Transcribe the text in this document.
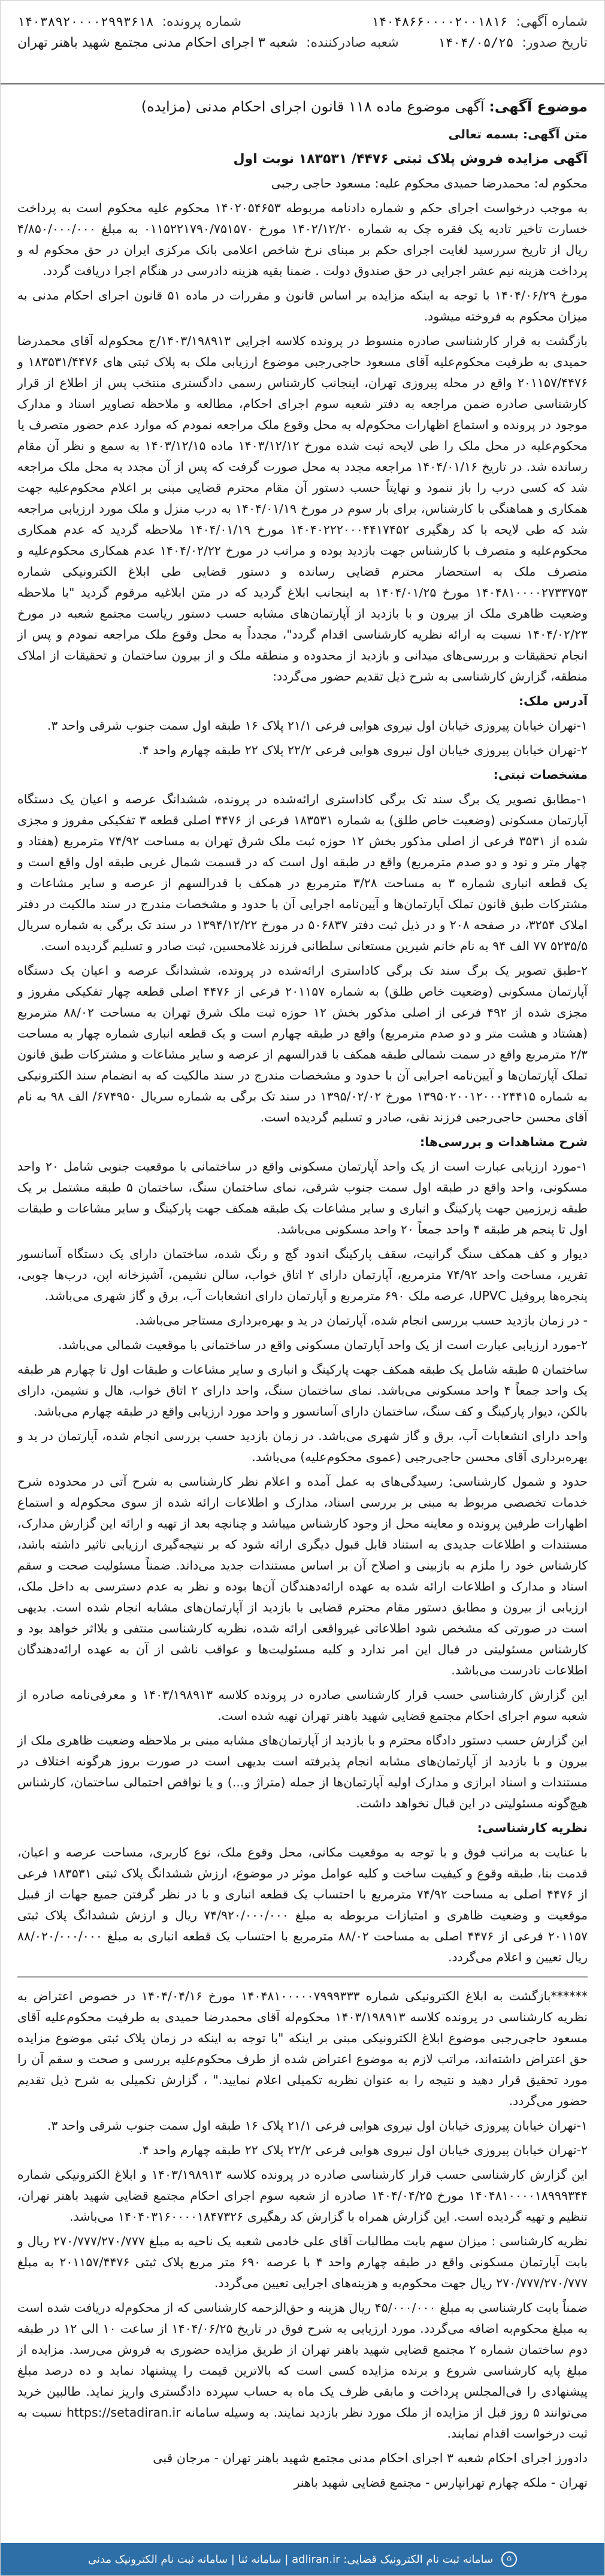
شماره آگهی:
۱۴۰۴۸۶۶۰۰۰۰۲۰۰۱۸۱۶
شماره پرونده:
۱۴۰۳۸۹۲۰۰۰۰۲۹۹۳۶۱۸
تاریخ صدور:
۱۴۰۴/۰۵/۲۵
شعبه صادرکننده:
شعبه ۳ اجرای احکام مدنی مجتمع شهید باهنر تهران
موضوع آگهی: آگهی موضوع ماده ۱۱۸ قانون اجرای احکام مدنی (مزایده)

متن آگهی: بسمه تعالی

آگهی مزایده فروش پلاک ثبتی ۴۴۷۶/ ۱۸۳۵۳۱ نوبت اول

محکوم له: محمدرضا حمیدی محکوم علیه: مسعود حاجی رجبی

به موجب درخواست اجرای حکم و شماره دادنامه مربوطه ۱۴۰۲۰۵۴۶۵۳ محکوم علیه محکوم است به پرداخت خسارت تاخیر تادیه یک فقره چک به شماره ۱۴۰۲/۱۲/۲۰ مورخ ۰۱۱۵۲۲۱۷۹۰/۷۵۱۵۷۰ به مبلغ ۴/۸۵۰/۰۰۰/۰۰۰ ریال از تاریخ سررسید لغایت اجرای حکم بر مبنای نرخ شاخص اعلامی بانک مرکزی ایران در حق محکوم له و پرداخت هزینه نیم عشر اجرایی در حق صندوق دولت . ضمنا بقیه هزینه دادرسی در هنگام اجرا دریافت گردد.

مورخ ۱۴۰۴/۰۶/۲۹ با توجه به اینکه مزایده بر اساس قانون و مقررات در ماده ۵۱ قانون اجرای احکام مدنی به میزان محکوم به فروخته میشود.

بازگشت به قرار کارشناسی صادره منسوط در پرونده کلاسه اجرایی ۱۴۰۳/۱۹۸۹۱۳/ج محکوم‌له آقای محمدرضا حمیدی به طرفیت محکوم‌علیه آقای مسعود حاجی‌رجبی موضوع ارزیابی ملک به پلاک ثبتی های ۱۸۳۵۳۱/۴۴۷۶ و ۲۰۱۱۵۷/۴۴۷۶ واقع در محله پیروزی تهران، اینجانب کارشناس رسمی دادگستری منتخب پس از اطلاع از قرار کارشناسی صادره ضمن مراجعه به دفتر شعبه سوم اجرای احکام، مطالعه و ملاحظه تصاویر اسناد و مدارک موجود در پرونده و استماع اظهارات محکوم‌له به محل وقوع ملک مراجعه نمودم که موارد عدم حضور متصرف یا محکوم‌علیه در محل ملک را طی لایحه ثبت شده مورخ ۱۴۰۳/۱۲/۱۲ ماده ۱۴۰۳/۱۲/۱۵ به سمع و نظر آن مقام رسانده شد. در تاریخ ۱۴۰۴/۰۱/۱۶ مراجعه مجدد به محل صورت گرفت که پس از آن مجدد به محل ملک مراجعه شد که کسی درب را باز ننمود و نهایتاً حسب دستور آن مقام محترم قضایی مبنی بر اعلام محکوم‌علیه جهت همکاری و هماهنگی با کارشناس، برای بار سوم در مورخ ۱۴۰۴/۰۱/۱۹ به درب منزل و ملک مورد ارزیابی مراجعه شد که طی لایحه با کد رهگیری ۱۴۰۴۰۲۲۲۰۰۰۴۴۱۷۴۵۲ مورخ ۱۴۰۴/۰۱/۱۹ ملاحظه گردید که عدم همکاری محکوم‌علیه و متصرف با کارشناس جهت بازدید بوده و مراتب در مورخ ۱۴۰۴/۰۲/۲۲ عدم همکاری محکوم‌علیه و متصرف ملک به استحضار محترم قضایی رسانده و دستور قضایی طی ابلاغ الکترونیکی شماره ۱۴۰۴۸۱۰۰۰۰۲۷۳۳۷۵۳ مورخ ۱۴۰۴/۰۱/۲۵ به اینجانب ابلاغ گردید که در متن ابلاغیه مرقوم گردید "با ملاحظه وضعیت ظاهری ملک از بیرون و با بازدید از آپارتمان‌های مشابه حسب دستور ریاست مجتمع شعبه در مورخ ۱۴۰۴/۰۲/۲۳ نسبت به ارائه نظریه کارشناسی اقدام گردد"، مجدداً به محل وقوع ملک مراجعه نمودم و پس از انجام تحقیقات و بررسی‌های میدانی و بازدید از محدوده و منطقه ملک و از بیرون ساختمان و تحقیقات از املاک منطقه، گزارش کارشناسی به شرح ذیل تقدیم حضور می‌گردد:

آدرس ملک:

۱-تهران خیابان پیروزی خیابان اول نیروی هوایی فرعی ۲۱/۱ پلاک ۱۶ طبقه اول سمت جنوب شرقی واحد ۳.

۲-تهران خیابان پیروزی خیابان اول نیروی هوایی فرعی ۲۲/۲ پلاک ۲۲ طبقه چهارم واحد ۴.

مشخصات ثبتی:

۱-مطابق تصویر یک برگ سند تک برگی کاداستری ارائه‌شده در پرونده، ششدانگ عرصه و اعیان یک دستگاه آپارتمان مسکونی (وضعیت خاص طلق) به شماره ۱۸۳۵۳۱ فرعی از ۴۴۷۶ اصلی قطعه ۳ تفکیکی مفروز و مجزی شده از ۳۵۳۱ فرعی از اصلی مذکور بخش ۱۲ حوزه ثبت ملک شرق تهران به مساحت ۷۴/۹۲ مترمربع (هفتاد و چهار متر و نود و دو صدم مترمربع) واقع در طبقه اول است که در قسمت شمال غربی طبقه اول واقع است و یک قطعه انباری شماره ۳ به مساحت ۳/۲۸ مترمربع در همکف با قدرالسهم از عرصه و سایر مشاعات و مشترکات طبق قانون تملک آپارتمان‌ها و آیین‌نامه اجرایی آن با حدود و مشخصات مندرج در سند مالکیت در دفتر املاک ۳۲۵۴، در صفحه ۲۰۸ و در ذیل ثبت دفتر ۵۰۶۸۳۷ در مورخ ۱۳۹۴/۱۲/۲۲ در سند تک برگی به شماره سریال ۵۲۳۵/۵ ۷۷ الف ۹۴ به نام خانم شیرین مستعانی سلطانی فرزند غلامحسین، ثبت صادر و تسلیم گردیده است.

۲-طبق تصویر یک برگ سند تک برگی کاداستری ارائه‌شده در پرونده، ششدانگ عرصه و اعیان یک دستگاه آپارتمان مسکونی (وضعیت خاص طلق) به شماره ۲۰۱۱۵۷ فرعی از ۴۴۷۶ اصلی قطعه چهار تفکیکی مفروز و مجزی شده از ۴۹۲ فرعی از اصلی مذکور بخش ۱۲ حوزه ثبت ملک شرق تهران به مساحت ۸۸/۰۲ مترمربع (هشتاد و هشت متر و دو صدم مترمربع) واقع در طبقه چهارم است و یک قطعه انباری شماره چهار به مساحت ۲/۳ مترمربع واقع در سمت شمالی طبقه همکف با قدرالسهم از عرصه و سایر مشاعات و مشترکات طبق قانون تملک آپارتمان‌ها و آیین‌نامه اجرایی آن با حدود و مشخصات مندرج در سند مالکیت که به انضمام سند الکترونیکی به شماره ۱۳۹۵۰۲۰۰۱۲۰۰۰۲۴۴۱۵ مورخ ۱۳۹۵/۰۲/۰۲ در سند تک برگی به شماره سریال ۶۷۴۹۵۰/ الف ۹۸ به نام آقای محسن حاجی‌رجبی فرزند نقی، صادر و تسلیم گردیده است.

شرح مشاهدات و بررسی‌ها:

۱-مورد ارزیابی عبارت است از یک واحد آپارتمان مسکونی واقع در ساختمانی با موقعیت جنوبی شامل ۲۰ واحد مسکونی، واحد واقع در طبقه اول سمت جنوب شرقی، نمای ساختمان سنگ، ساختمان ۵ طبقه مشتمل بر یک طبقه زیرزمین جهت پارکینگ و انباری و سایر مشاعات یک طبقه همکف جهت پارکینگ و سایر مشاعات و طبقات اول تا پنجم هر طبقه ۴ واحد جمعاً ۲۰ واحد مسکونی می‌باشد.

دیوار و کف همکف سنگ گرانیت، سقف پارکینگ اندود گچ و رنگ شده، ساختمان دارای یک دستگاه آسانسور تقریر، مساحت واحد ۷۴/۹۲ مترمربع، آپارتمان دارای ۲ اتاق خواب، سالن نشیمن، آشپزخانه اپن، درب‌ها چوبی، پنجره‌ها پروفیل UPVC، عرصه ملک ۶۹۰ مترمربع و آپارتمان دارای انشعابات آب، برق و گاز شهری می‌باشد.

- در زمان بازدید حسب بررسی انجام شده، آپارتمان در ید و بهره‌برداری مستاجر می‌باشد.

۲-مورد ارزیابی عبارت است از یک واحد آپارتمان مسکونی واقع در ساختمانی با موقعیت شمالی می‌باشد.

ساختمان ۵ طبقه شامل یک طبقه همکف جهت پارکینگ و انباری و سایر مشاعات و طبقات اول تا چهارم هر طبقه یک واحد جمعاً ۴ واحد مسکونی می‌باشد. نمای ساختمان سنگ، واحد دارای ۲ اتاق خواب، هال و نشیمن، دارای بالکن، دیوار پارکینگ و کف سنگ، ساختمان دارای آسانسور و واحد مورد ارزیابی واقع در طبقه چهارم می‌باشد.

واحد دارای انشعابات آب، برق و گاز شهری می‌باشد. در زمان بازدید حسب بررسی انجام شده، آپارتمان در ید و بهره‌برداری آقای محسن حاجی‌رجبی (عموی محکوم‌علیه) می‌باشد.

حدود و شمول کارشناسی: رسیدگی‌های به عمل آمده و اعلام نظر کارشناسی به شرح آتی در محدوده شرح خدمات تخصصی مربوط به مبنی بر بررسی اسناد، مدارک و اطلاعات ارائه شده از سوی محکوم‌له و استماع اظهارات طرفین پرونده و معاینه محل از وجود کارشناس میباشد و چنانچه بعد از تهیه و ارائه این گزارش مدارک، مستندات و اطلاعات جدیدی به استناد قابل قبول دیگری ارائه شود که بر نتیجه‌گیری ارزیابی تاثیر داشته باشد، کارشناس خود را ملزم به بازبینی و اصلاح آن بر اساس مستندات جدید می‌داند. ضمناً مسئولیت صحت و سقم اسناد و مدارک و اطلاعات ارائه شده به عهده ارائه‌دهندگان آن‌ها بوده و نظر به عدم دسترسی به داخل ملک، ارزیابی از بیرون و مطابق دستور مقام محترم قضایی با بازدید از آپارتمان‌های مشابه انجام شده است. بدیهی است در صورتی که مشخص شود اطلاعاتی غیرواقعی ارائه شده، نظریه کارشناسی منتفی و بلااثر خواهد بود و کارشناس مسئولیتی در قبال این امر ندارد و کلیه مسئولیت‌ها و عواقب ناشی از آن به عهده ارائه‌دهندگان اطلاعات نادرست می‌باشد.

این گزارش کارشناسی حسب قرار کارشناسی صادره در پرونده کلاسه ۱۴۰۳/۱۹۸۹۱۳ و معرفی‌نامه صادره از شعبه سوم اجرای احکام مجتمع قضایی شهید باهنر تهران تهیه شده است.

این گزارش حسب دستور دادگاه محترم و با بازدید از آپارتمان‌های مشابه مبنی بر ملاحظه وضعیت ظاهری ملک از بیرون و با بازدید از آپارتمان‌های مشابه انجام پذیرفته است بدیهی است در صورت بروز هرگونه اختلاف در مستندات و اسناد ابرازی و مدارک اولیه آپارتمان‌ها از جمله (متراژ و...) و یا نواقص احتمالی ساختمان، کارشناس هیچ‌گونه مسئولیتی در این قبال نخواهد داشت.

نظریه کارشناسی:

با عنایت به مراتب فوق و با توجه به موقعیت مکانی، محل وقوع ملک، نوع کاربری، مساحت عرصه و اعیان، قدمت بنا، طبقه وقوع و کیفیت ساخت و کلیه عوامل موثر در موضوع، ارزش ششدانگ پلاک ثبتی ۱۸۳۵۳۱ فرعی از ۴۴۷۶ اصلی به مساحت ۷۴/۹۲ مترمربع با احتساب یک قطعه انباری و با در نظر گرفتن جمیع جهات از قبیل موقعیت و وضعیت ظاهری و امتیازات مربوطه به مبلغ ۷۴/۹۲۰/۰۰۰/۰۰۰ ریال و ارزش ششدانگ پلاک ثبتی ۲۰۱۱۵۷ فرعی از ۴۴۷۶ اصلی به مساحت ۸۸/۰۲ مترمربع با احتساب یک قطعه انباری به مبلغ ۸۸/۰۲۰/۰۰۰/۰۰۰ ریال تعیین و اعلام می‌گردد.

******بازگشت به ابلاغ الکترونیکی شماره ۱۴۰۴۸۱۰۰۰۰۰۷۹۹۹۳۳۳ مورخ ۱۴۰۴/۰۴/۱۶ در خصوص اعتراض به نظریه کارشناسی در پرونده کلاسه ۱۴۰۳/۱۹۸۹۱۳ محکوم‌له آقای محمدرضا حمیدی به طرفیت محکوم‌علیه آقای مسعود حاجی‌رجبی موضوع ابلاغ الکترونیکی مبنی بر اینکه "با توجه به اینکه در زمان پلاک ثبتی موضوع مزایده حق اعتراض داشته‌اند، مراتب لازم به موضوع اعتراض شده از طرف محکوم‌علیه بررسی و صحت و سقم آن را مورد تحقیق قرار دهید و نتیجه را به عنوان نظریه تکمیلی اعلام نمایید." ، گزارش تکمیلی به شرح ذیل تقدیم حضور می‌گردد.

۱-تهران خیابان پیروزی خیابان اول نیروی هوایی فرعی ۲۱/۱ پلاک ۱۶ طبقه اول سمت جنوب شرقی واحد ۳.

۲-تهران خیابان پیروزی خیابان اول نیروی هوایی فرعی ۲۲/۲ پلاک ۲۲ طبقه چهارم واحد ۴.

این گزارش کارشناسی حسب قرار کارشناسی صادره در پرونده کلاسه ۱۴۰۳/۱۹۸۹۱۳ و ابلاغ الکترونیکی شماره ۱۴۰۴۸۱۰۰۰۰۱۸۹۹۹۳۴۴ مورخ ۱۴۰۴/۰۴/۲۵ صادره از شعبه سوم اجرای احکام مجتمع قضایی شهید باهنر تهران، تنظیم و تهیه گردیده است. این گزارش همراه با گزارش کد رهگیری ۱۴۰۴۰۳۱۶۰۰۰۰۱۸۴۷۳۲۶ می‌باشد.

نظریه کارشناسی : میزان سهم بابت مطالبات آقای علی خادمی شعبه یک ناحیه به مبلغ ۲۷۰/۷۷۷/۲۷۰/۷۷۷ ریال و بابت آپارتمان مسکونی واقع در طبقه چهارم واحد ۴ با عرصه ۶۹۰ متر مربع پلاک ثبتی ۲۰۱۱۵۷/۴۴۷۶ به مبلغ ۲۷۰/۷۷۷/۲۷۰/۷۷۷ ریال جهت محکوم‌به و هزینه‌های اجرایی تعیین می‌گردد.

ضمناً بابت کارشناسی به مبلغ ۴۵/۰۰۰/۰۰۰ ریال هزینه و حق‌الزحمه کارشناسی که از محکوم‌له دریافت شده است به مبلغ محکوم‌به اضافه می‌گردد. مورد ارزیابی به شرح فوق در تاریخ ۱۴۰۴/۰۶/۲۵ از ساعت ۱۰ الی ۱۲ در طبقه دوم ساختمان شماره ۲ مجتمع قضایی شهید باهنر تهران از طریق مزایده حضوری به فروش می‌رسد. مزایده از مبلغ پایه کارشناسی شروع و برنده مزایده کسی است که بالاترین قیمت را پیشنهاد نماید و ده درصد مبلغ پیشنهادی را فی‌المجلس پرداخت و مابقی ظرف یک ماه به حساب سپرده دادگستری واریز نماید. طالبین خرید می‌توانند ۵ روز قبل از مزایده از ملک مورد نظر بازدید نمایند. به وسیله سامانه https://setadiran.ir نسبت به ثبت درخواست اقدام نمایند.

دادورز اجرای احکام شعبه ۳ اجرای احکام مدنی مجتمع شهید باهنر تهران - مرجان قبی

تهران - ملکه چهارم تهرانپارس - مجتمع قضایی شهید باهنر

⌂
سامانه ثبت نام الکترونیک قضایی: adliran.ir | سامانه ثنا | سامانه ثبت نام الکترونیک مدنی
